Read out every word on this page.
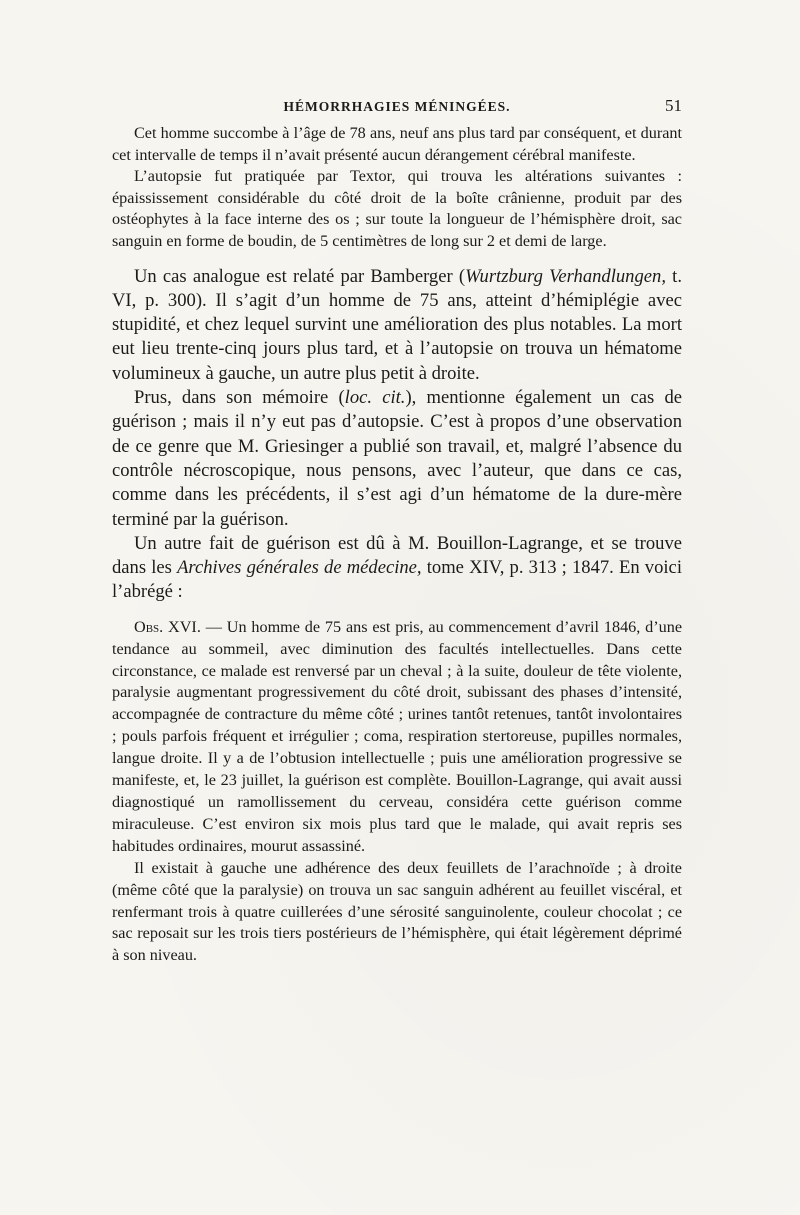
HÉMORRHAGIES MÉNINGÉES.	51

Cet homme succombe à l’âge de 78 ans, neuf ans plus tard par conséquent, et durant cet intervalle de temps il n’avait présenté aucun dérangement cérébral manifeste.

L’autopsie fut pratiquée par Textor, qui trouva les altérations suivantes : épaississement considérable du côté droit de la boîte crânienne, produit par des ostéophytes à la face interne des os ; sur toute la longueur de l’hémisphère droit, sac sanguin en forme de boudin, de 5 centimètres de long sur 2 et demi de large.

Un cas analogue est relaté par Bamberger (Wurtzburg Verhandlungen, t. VI, p. 300). Il s’agit d’un homme de 75 ans, atteint d’hémiplégie avec stupidité, et chez lequel survint une amélioration des plus notables. La mort eut lieu trente-cinq jours plus tard, et à l’autopsie on trouva un hématome volumineux à gauche, un autre plus petit à droite.

Prus, dans son mémoire (loc. cit.), mentionne également un cas de guérison ; mais il n’y eut pas d’autopsie. C’est à propos d’une observation de ce genre que M. Griesinger a publié son travail, et, malgré l’absence du contrôle nécroscopique, nous pensons, avec l’auteur, que dans ce cas, comme dans les précédents, il s’est agi d’un hématome de la dure-mère terminé par la guérison.

Un autre fait de guérison est dû à M. Bouillon-Lagrange, et se trouve dans les Archives générales de médecine, tome XIV, p. 313 ; 1847. En voici l’abrégé :

Obs. XVI. — Un homme de 75 ans est pris, au commencement d’avril 1846, d’une tendance au sommeil, avec diminution des facultés intellectuelles. Dans cette circonstance, ce malade est renversé par un cheval ; à la suite, douleur de tête violente, paralysie augmentant progressivement du côté droit, subissant des phases d’intensité, accompagnée de contracture du même côté ; urines tantôt retenues, tantôt involontaires ; pouls parfois fréquent et irrégulier ; coma, respiration stertoreuse, pupilles normales, langue droite. Il y a de l’obtusion intellectuelle ; puis une amélioration progressive se manifeste, et, le 23 juillet, la guérison est complète. Bouillon-Lagrange, qui avait aussi diagnostiqué un ramollissement du cerveau, considéra cette guérison comme miraculeuse. C’est environ six mois plus tard que le malade, qui avait repris ses habitudes ordinaires, mourut assassiné.

Il existait à gauche une adhérence des deux feuillets de l’arachnoïde ; à droite (même côté que la paralysie) on trouva un sac sanguin adhérent au feuillet viscéral, et renfermant trois à quatre cuillerées d’une sérosité sanguinolente, couleur chocolat ; ce sac reposait sur les trois tiers postérieurs de l’hémisphère, qui était légèrement déprimé à son niveau.
